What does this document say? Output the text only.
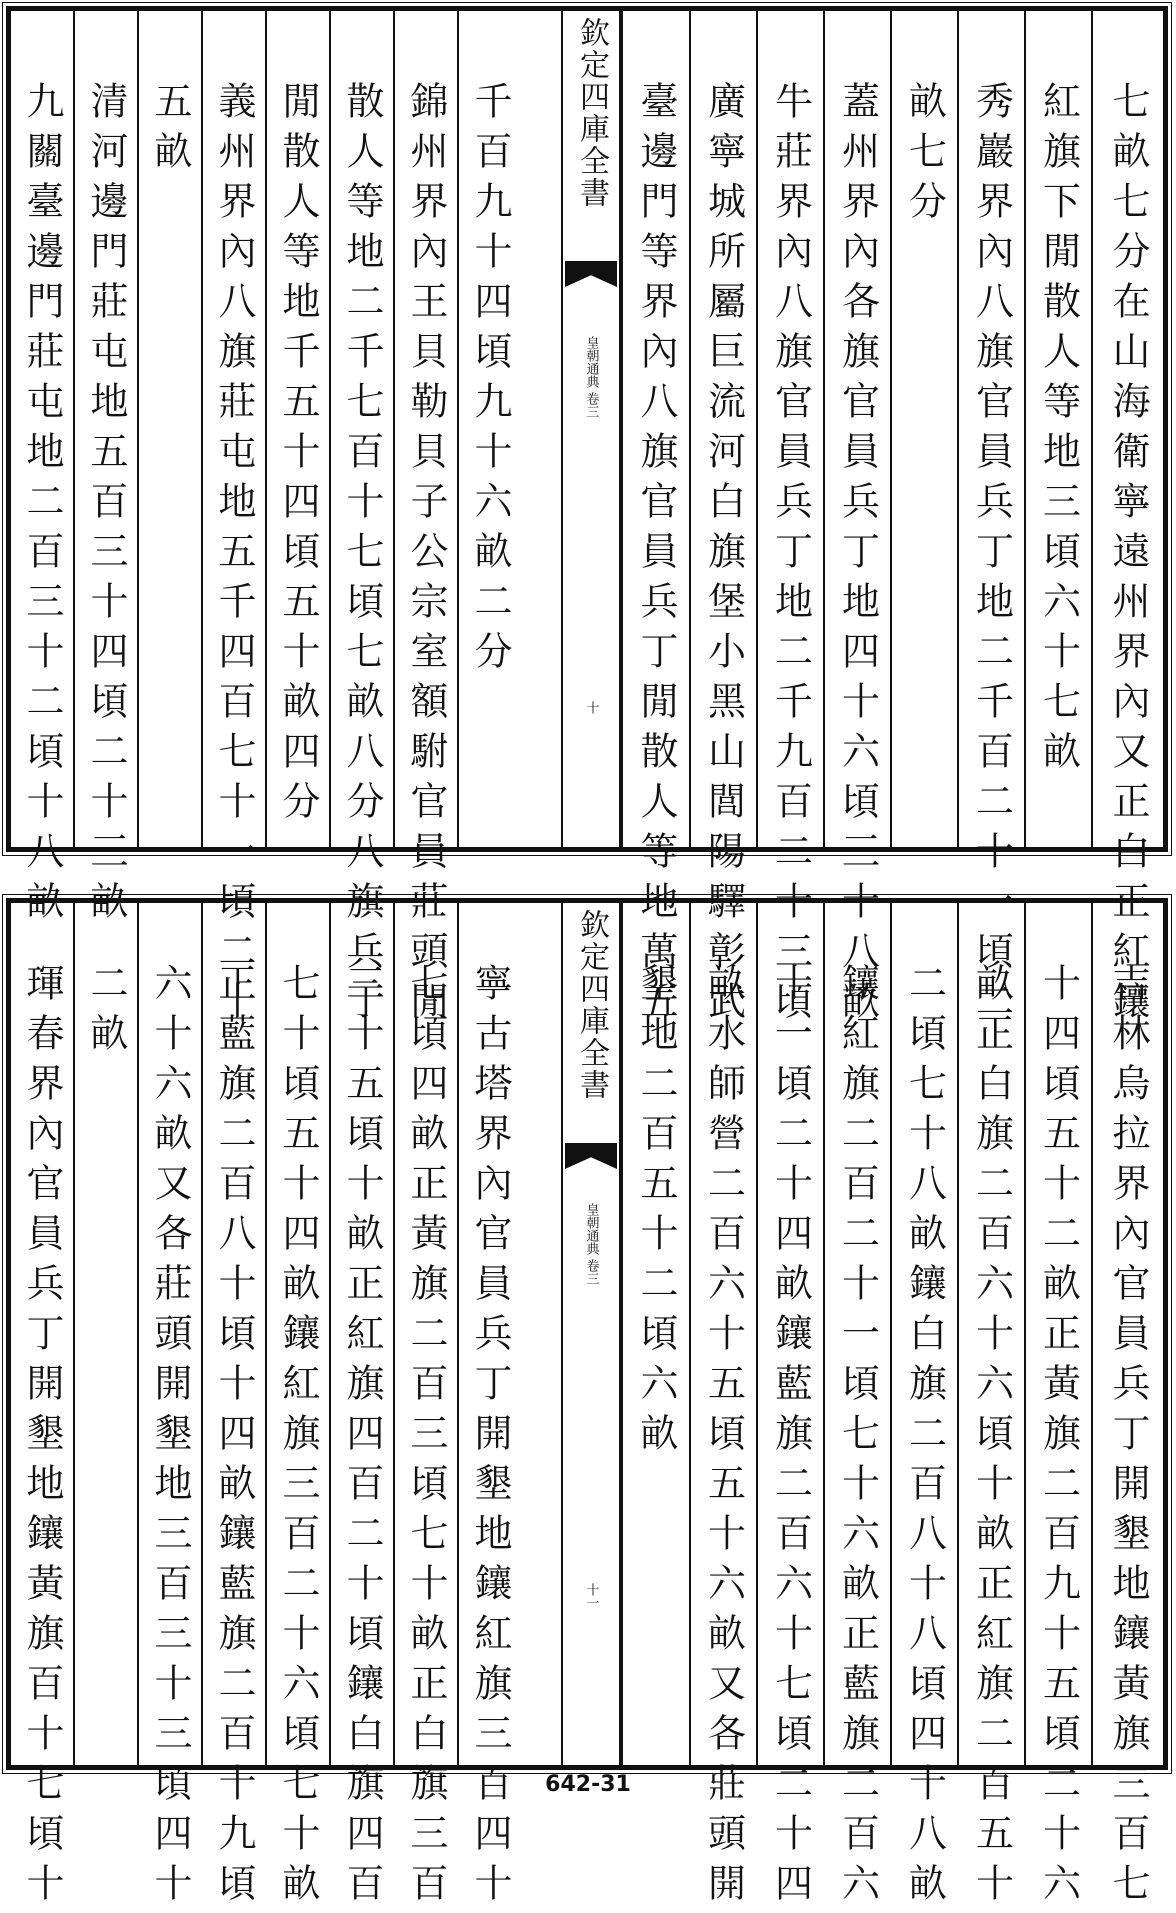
九關臺邊門莊屯地二百三十二頃十八畝 清河邊門莊屯地五百三十四頃二十三畝 五畝 義州界內八旗莊屯地五千四百七十一頃二十 閒散人等地千五十四頃五十畝四分 散人等地二千七百十七頃七畝八分八旗兵丁 錦州界內王貝勒貝子公宗室額駙官員莊頭閒 千百九十四頃九十六畝二分 欽定四庫全書
皇朝通典 卷三
十 臺邊門等界內八旗官員兵丁閒散人等地萬五 廣寧城所屬巨流河白旗堡小黑山閭陽驛彰武 牛莊界內八旗官員兵丁地二千九百二十三頃 蓋州界內各旗官員兵丁地四十六頃三十八畝 畝七分 秀巖界內八旗官員兵丁地二千百二十一頃二 紅旗下閒散人等地三頃六十七畝 七畝七分在山海衛寧遠州界內又正白正紅鑲
琿春界內官員兵丁開墾地鑲黃旗百十七頃十 二畝 六十六畝又各莊頭開墾地三百三十三頃四十 正藍旗二百八十頃十四畝鑲藍旗二百十九頃 七十頃五十四畝鑲紅旗三百二十六頃七十畝 三十五頃十畝正紅旗四百二十頃鑲白旗四百 七頃四畝正黃旗二百三頃七十畝正白旗三百 寧古塔界內官員兵丁開墾地鑲紅旗三百四十 欽定四庫全書
皇朝通典 卷三
十一
墾地二百五十二頃六畝 畝水師營二百六十五頃五十六畝又各莊頭開 十一頃二十四畝鑲藍旗二百六十七頃二十四 鑲紅旗二百二十一頃七十六畝正藍旗二百六 二頃七十八畝鑲白旗二百八十八頃四十八畝 畝正白旗二百六十六頃十畝正紅旗二百五十 十四頃五十二畝正黃旗二百九十五頃二十六 吉林烏拉界內官員兵丁開墾地鑲黃旗三百七
642-31
